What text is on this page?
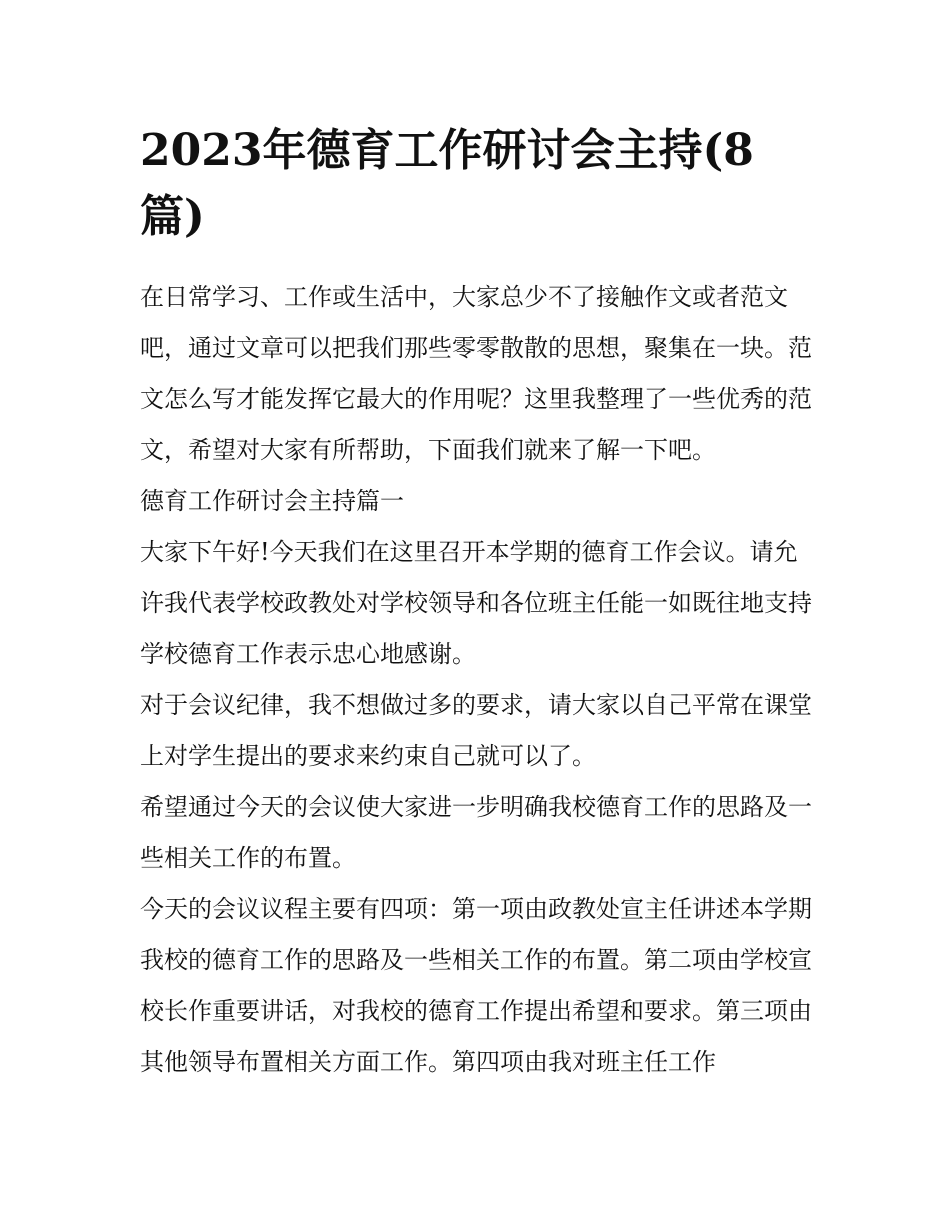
2023年德育工作研讨会主持(8篇)

在日常学习、工作或生活中，大家总少不了接触作文或者范文吧，通过文章可以把我们那些零零散散的思想，聚集在一块。范文怎么写才能发挥它最大的作用呢？这里我整理了一些优秀的范文，希望对大家有所帮助，下面我们就来了解一下吧。

德育工作研讨会主持篇一

大家下午好!今天我们在这里召开本学期的德育工作会议。请允许我代表学校政教处对学校领导和各位班主任能一如既往地支持学校德育工作表示忠心地感谢。

对于会议纪律，我不想做过多的要求，请大家以自己平常在课堂上对学生提出的要求来约束自己就可以了。

希望通过今天的会议使大家进一步明确我校德育工作的思路及一些相关工作的布置。

今天的会议议程主要有四项：第一项由政教处宣主任讲述本学期我校的德育工作的思路及一些相关工作的布置。第二项由学校宣校长作重要讲话，对我校的德育工作提出希望和要求。第三项由其他领导布置相关方面工作。第四项由我对班主任工作
